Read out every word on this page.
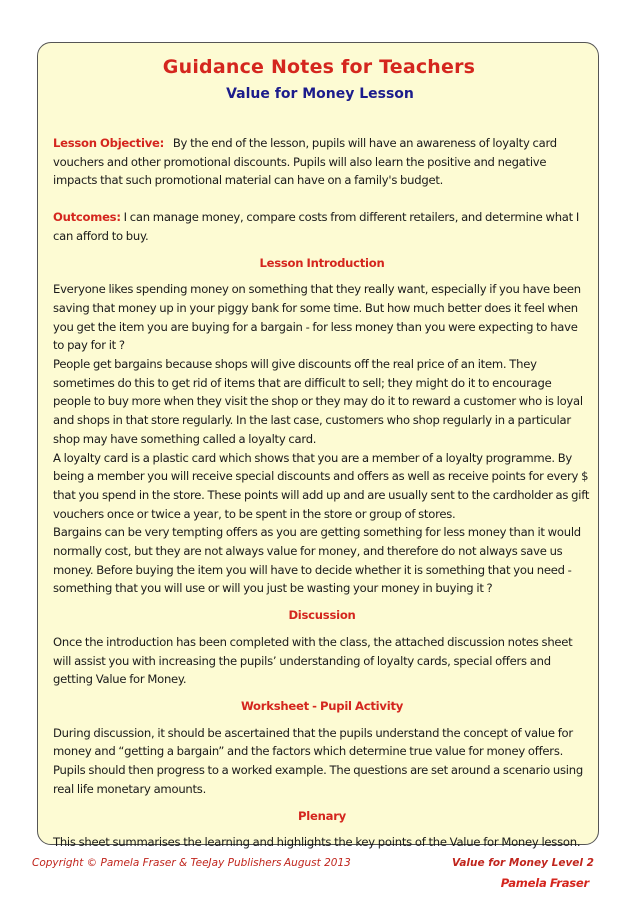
Guidance Notes for Teachers
Value for Money Lesson

Lesson Objective: By the end of the lesson, pupils will have an awareness of loyalty card vouchers and other promotional discounts. Pupils will also learn the positive and negative impacts that such promotional material can have on a family's budget.

Outcomes: I can manage money, compare costs from different retailers, and determine what I can afford to buy.

Lesson Introduction

Everyone likes spending money on something that they really want, especially if you have been saving that money up in your piggy bank for some time. But how much better does it feel when you get the item you are buying for a bargain - for less money than you were expecting to have to pay for it ?

People get bargains because shops will give discounts off the real price of an item. They sometimes do this to get rid of items that are difficult to sell; they might do it to encourage people to buy more when they visit the shop or they may do it to reward a customer who is loyal and shops in that store regularly. In the last case, customers who shop regularly in a particular shop may have something called a loyalty card.

A loyalty card is a plastic card which shows that you are a member of a loyalty programme. By being a member you will receive special discounts and offers as well as receive points for every $ that you spend in the store. These points will add up and are usually sent to the cardholder as gift vouchers once or twice a year, to be spent in the store or group of stores.

Bargains can be very tempting offers as you are getting something for less money than it would normally cost, but they are not always value for money, and therefore do not always save us money. Before buying the item you will have to decide whether it is something that you need - something that you will use or will you just be wasting your money in buying it ?

Discussion

Once the introduction has been completed with the class, the attached discussion notes sheet will assist you with increasing the pupils’ understanding of loyalty cards, special offers and getting Value for Money.

Worksheet - Pupil Activity

During discussion, it should be ascertained that the pupils understand the concept of value for money and “getting a bargain” and the factors which determine true value for money offers. Pupils should then progress to a worked example. The questions are set around a scenario using real life monetary amounts.

Plenary

This sheet summarises the learning and highlights the key points of the Value for Money lesson.

Pamela Fraser
Copyright © Pamela Fraser & TeeJay Publishers August 2013	Value for Money Level 2
